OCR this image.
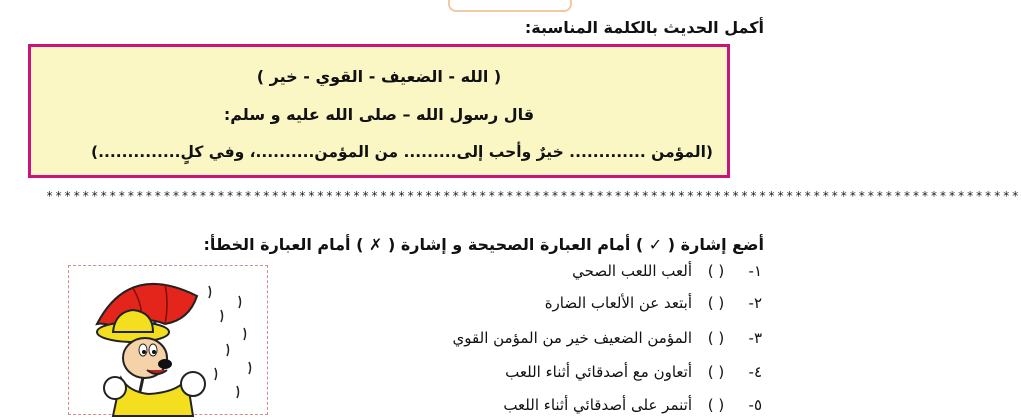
أكمل الحديث بالكلمة المناسبة:
( الله - الضعيف - القوي - خير )
قال رسول الله – صلى الله عليه و سلم:
(المؤمن ............. خيرٌ وأحب إلى......... من المؤمن..........، وفي كلٍ..............)
************************************************************************************************************
أضع إشارة ( ✓ ) أمام العبارة الصحيحة و إشارة ( ✗ ) أمام العبارة الخطأ:
١-( )ألعب اللعب الصحي
٢-( )أبتعد عن الألعاب الضارة
٣-( )المؤمن الضعيف خير من المؤمن القوي
٤-( )أتعاون مع أصدقائي أثناء اللعب
٥-( )أتنمر على أصدقائي أثناء اللعب
